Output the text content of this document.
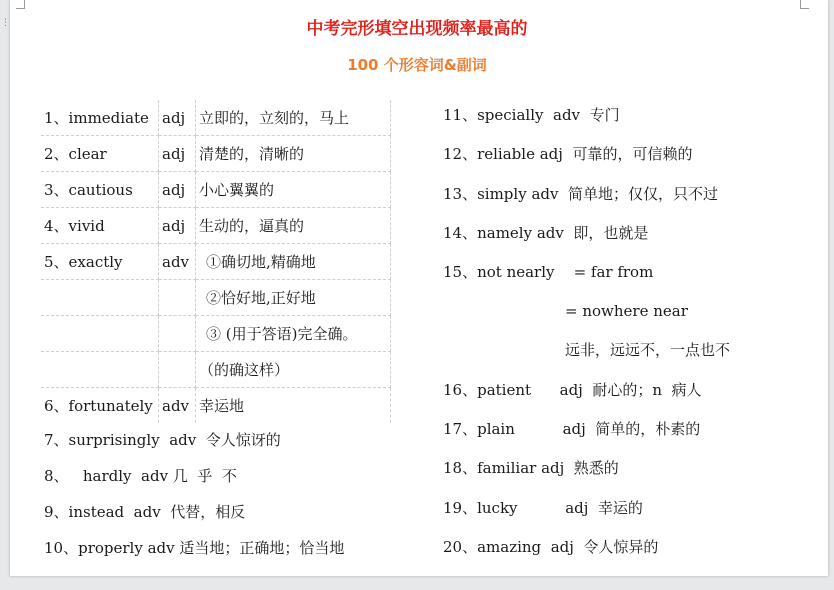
⋮	中考完形填空出现频率最高的
100 个形容词&副词
1、immediate	adj	立即的，立刻的，马上
2、clear	adj	清楚的，清晰的
3、cautious	adj	小心翼翼的
4、vivid	adj	生动的，逼真的
5、exactly	adv	①确切地,精确地
		②恰好地,正好地
		③ (用于答语)完全确。
		（的确这样）
6、fortunately	adv	幸运地
7、surprisingly  adv  令人惊讶的
8、   hardly  adv 几  乎  不
9、instead  adv  代替，相反
10、properly adv 适当地；正确地；恰当地
11、specially  adv  专门
12、reliable adj  可靠的，可信赖的
13、simply adv  简单地；仅仅，只不过
14、namely adv  即，也就是
15、not nearly    = far from
= nowhere near
远非，远远不，一点也不
16、patient      adj  耐心的；n  病人
17、plain          adj  简单的，朴素的
18、familiar adj  熟悉的
19、lucky          adj  幸运的
20、amazing  adj  令人惊异的
